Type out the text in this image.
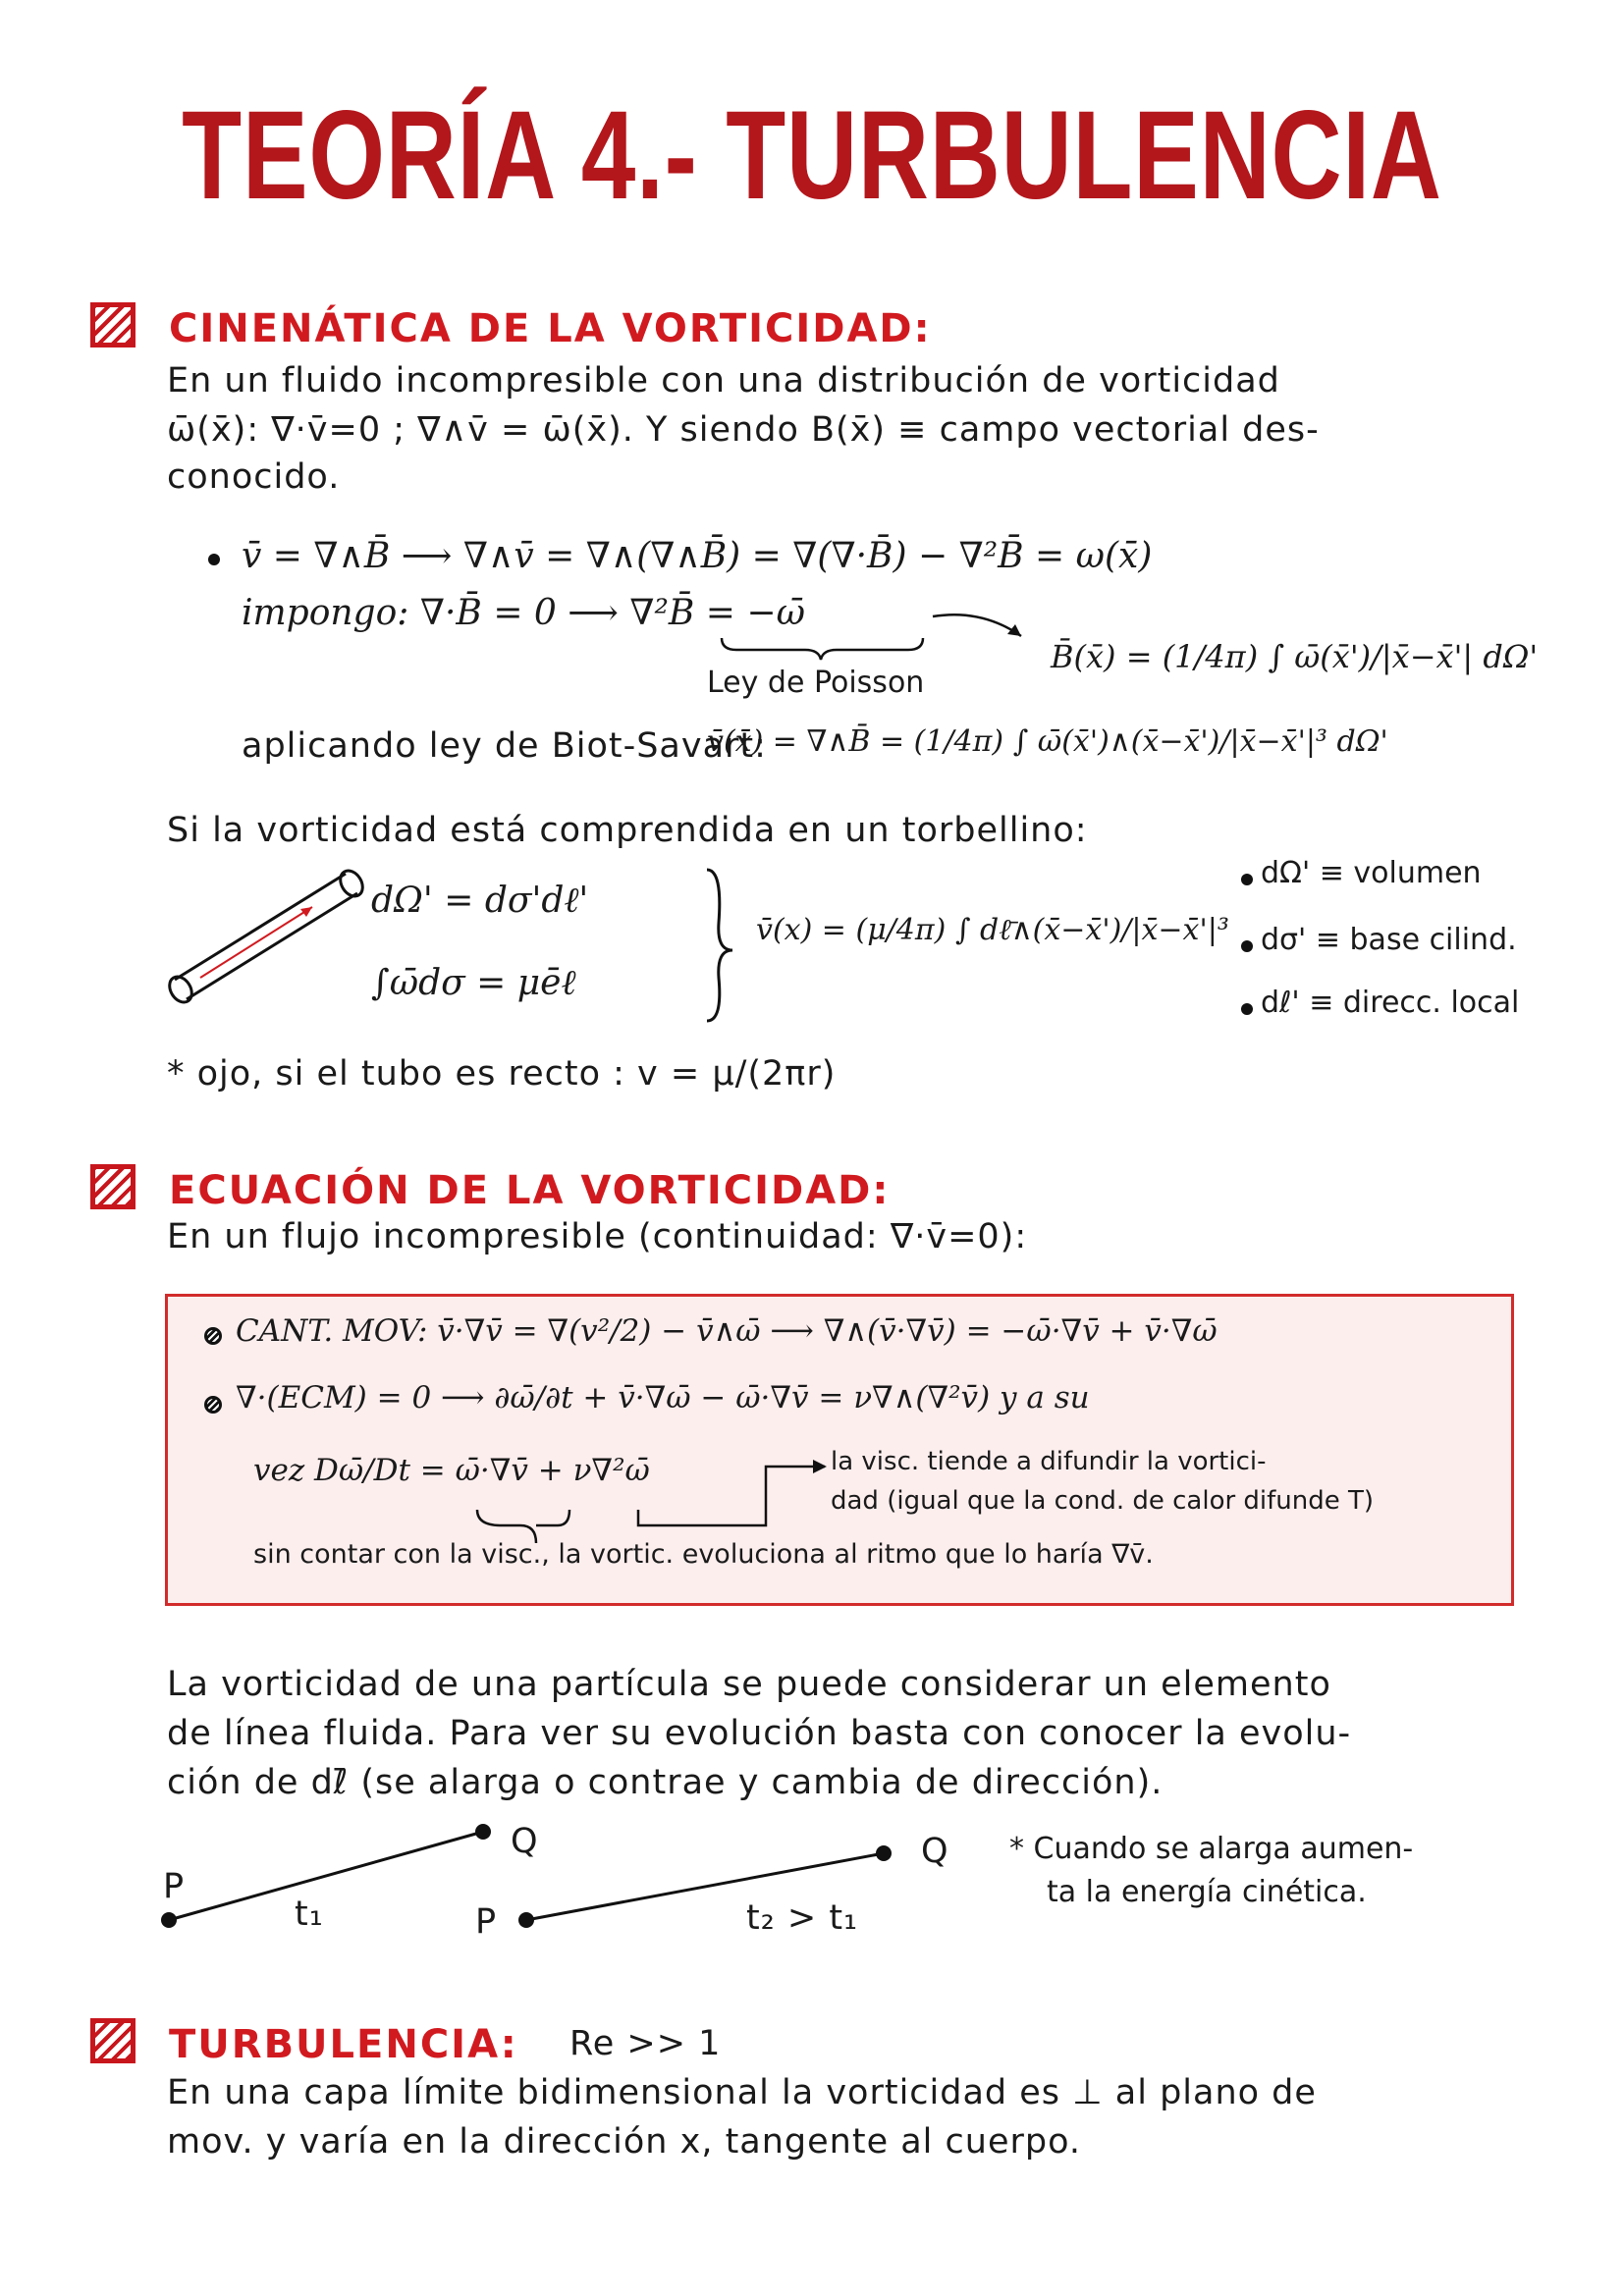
TEORÍA 4.- TURBULENCIA
CINENÁTICA DE LA VORTICIDAD:
En un fluido incompresible con una distribución de vorticidad
ω̄(x̄): ∇·v̄=0 ; ∇∧v̄ = ω̄(x̄). Y siendo B(x̄) ≡ campo vectorial des-
conocido.
v̄ = ∇∧B̄ ⟶ ∇∧v̄ = ∇∧(∇∧B̄) = ∇(∇·B̄) − ∇²B̄ = ω(x̄)
impongo: ∇·B̄ = 0 ⟶ ∇²B̄ = −ω̄
Ley de Poisson
B̄(x̄) = (1/4π) ∫ ω̄(x̄')/|x̄−x̄'| dΩ'
aplicando ley de Biot-Savart:
v̄(x̄) = ∇∧B̄ = (1/4π) ∫ ω̄(x̄')∧(x̄−x̄')/|x̄−x̄'|³ dΩ'
Si la vorticidad está comprendida en un torbellino:
dΩ' = dσ'dℓ'
∫ω̄dσ = μēℓ
v̄(x) = (μ/4π) ∫ dℓ̄∧(x̄−x̄')/|x̄−x̄'|³
dΩ' ≡ volumen
dσ' ≡ base cilind.
dℓ' ≡ direcc. local
* ojo, si el tubo es recto : v = μ/(2πr)
ECUACIÓN DE LA VORTICIDAD:
En un flujo incompresible (continuidad: ∇·v̄=0):
CANT. MOV: v̄·∇v̄ = ∇(v²/2) − v̄∧ω̄ ⟶ ∇∧(v̄·∇v̄) = −ω̄·∇v̄ + v̄·∇ω̄
∇·(ECM) = 0 ⟶ ∂ω̄/∂t + v̄·∇ω̄ − ω̄·∇v̄ = ν∇∧(∇²v̄) y a su
vez Dω̄/Dt = ω̄·∇v̄ + ν∇²ω̄	la visc. tiende a difundir la vortici-
dad (igual que la cond. de calor difunde T)
sin contar con la visc., la vortic. evoluciona al ritmo que lo haría ∇v̄.
La vorticidad de una partícula se puede considerar un elemento
de línea fluida. Para ver su evolución basta con conocer la evolu-
ción de dℓ̄ (se alarga o contrae y cambia de dirección).
P
Q
t₁	P
Q
t₂ > t₁
* Cuando se alarga aumen-
ta la energía cinética.
TURBULENCIA: Re >> 1
En una capa límite bidimensional la vorticidad es ⊥ al plano de
mov. y varía en la dirección x, tangente al cuerpo.
